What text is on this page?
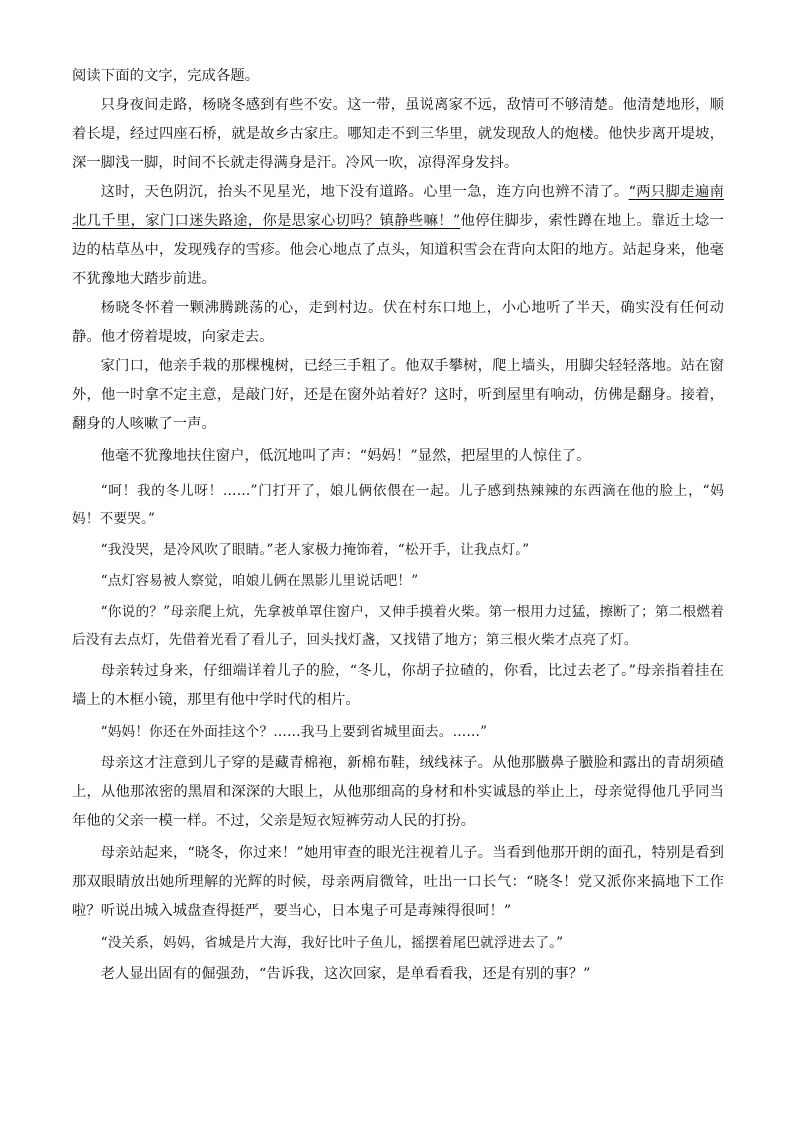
阅读下面的文字，完成各题。

只身夜间走路，杨晓冬感到有些不安。这一带，虽说离家不远，敌情可不够清楚。他清楚地形，顺着长堤，经过四座石桥，就是故乡古家庄。哪知走不到三华里，就发现敌人的炮楼。他快步离开堤坡，深一脚浅一脚，时间不长就走得满身是汗。冷风一吹，凉得浑身发抖。

这时，天色阴沉，抬头不见星光，地下没有道路。心里一急，连方向也辨不清了。“两只脚走遍南北几千里，家门口迷失路途，你是思家心切吗？镇静些嘛！”他停住脚步，索性蹲在地上。靠近土埝一边的枯草丛中，发现残存的雪疹。他会心地点了点头，知道积雪会在背向太阳的地方。站起身来，他毫不犹豫地大踏步前进。

杨晓冬怀着一颗沸腾跳荡的心，走到村边。伏在村东口地上，小心地听了半天，确实没有任何动静。他才傍着堤坡，向家走去。

家门口，他亲手栽的那棵槐树，已经三手粗了。他双手攀树，爬上墙头，用脚尖轻轻落地。站在窗外，他一时拿不定主意，是敲门好，还是在窗外站着好？这时，听到屋里有响动，仿佛是翻身。接着，翻身的人咳嗽了一声。

他毫不犹豫地扶住窗户，低沉地叫了声：“妈妈！”显然，把屋里的人惊住了。

“呵！我的冬儿呀！……”门打开了，娘儿俩依偎在一起。儿子感到热辣辣的东西滴在他的脸上，“妈妈！不要哭。”

“我没哭，是冷风吹了眼睛。”老人家极力掩饰着，“松开手，让我点灯。”

“点灯容易被人察觉，咱娘儿俩在黑影儿里说话吧！”

“你说的？”母亲爬上炕，先拿被单罩住窗户，又伸手摸着火柴。第一根用力过猛，擦断了；第二根燃着后没有去点灯，先借着光看了看儿子，回头找灯盏，又找错了地方；第三根火柴才点亮了灯。

母亲转过身来，仔细端详着儿子的脸，“冬儿，你胡子拉碴的，你看，比过去老了。”母亲指着挂在墙上的木框小镜，那里有他中学时代的相片。

“妈妈！你还在外面挂这个？……我马上要到省城里面去。……”

母亲这才注意到儿子穿的是藏青棉袍，新棉布鞋，绒线袜子。从他那臌鼻子臌脸和露出的青胡须碴上，从他那浓密的黑眉和深深的大眼上，从他那细高的身材和朴实诚恳的举止上，母亲觉得他几乎同当年他的父亲一模一样。不过，父亲是短衣短裤劳动人民的打扮。

母亲站起来，“晓冬，你过来！”她用审查的眼光注视着儿子。当看到他那开朗的面孔，特别是看到那双眼睛放出她所理解的光辉的时候，母亲两肩微耸，吐出一口长气：“晓冬！党又派你来搞地下工作啦？听说出城入城盘查得挺严，要当心，日本鬼子可是毒辣得很呵！”

“没关系，妈妈，省城是片大海，我好比叶子鱼儿，摇摆着尾巴就浮进去了。”

老人显出固有的倔强劲，“告诉我，这次回家，是单看看我，还是有别的事？”
